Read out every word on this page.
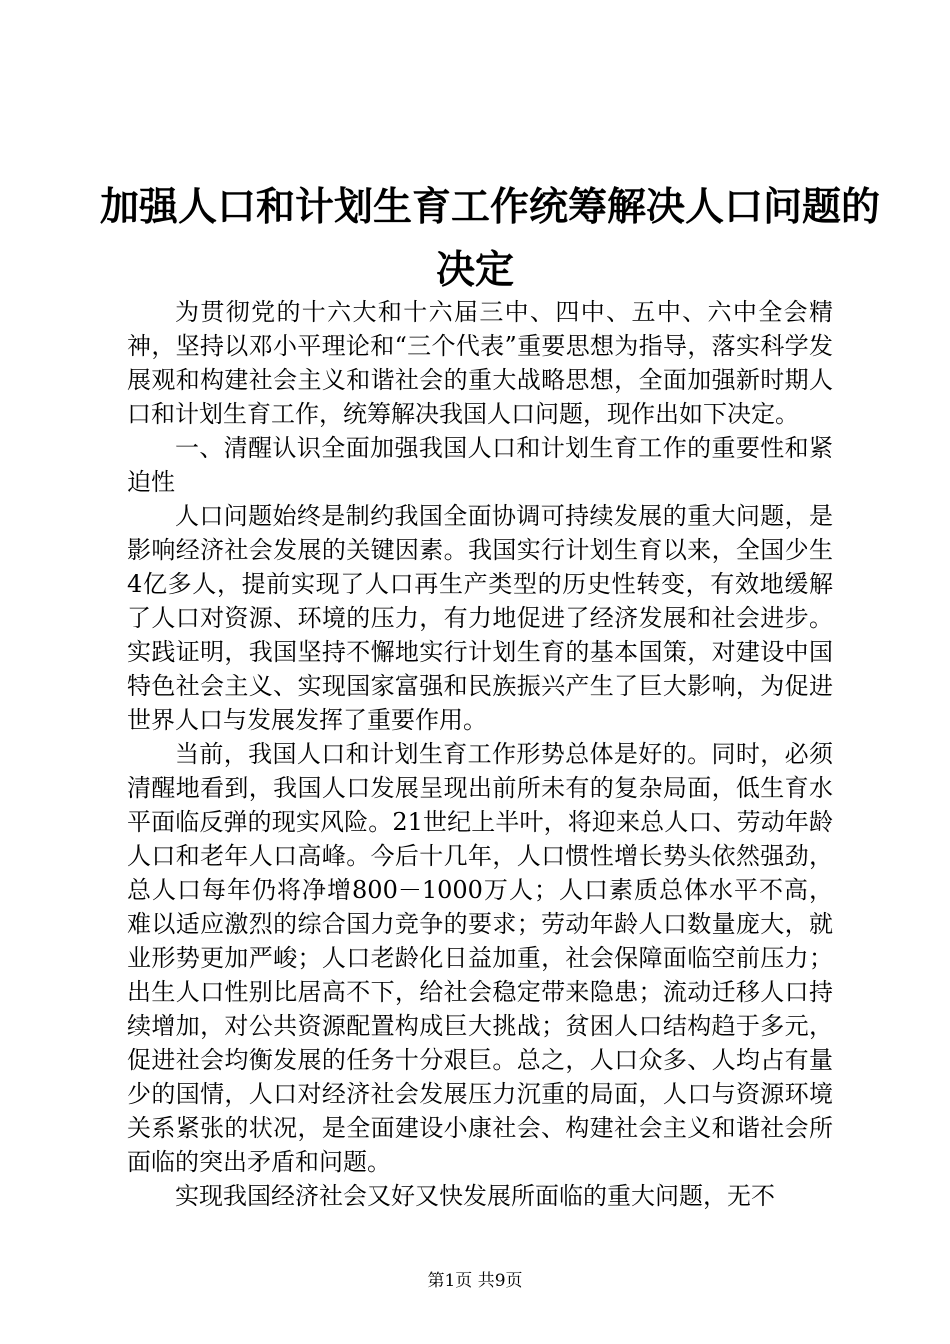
加强人口和计划生育工作统筹解决人口问题的
决定

为贯彻党的十六大和十六届三中、四中、五中、六中全会精神，坚持以邓小平理论和“三个代表”重要思想为指导，落实科学发展观和构建社会主义和谐社会的重大战略思想，全面加强新时期人口和计划生育工作，统筹解决我国人口问题，现作出如下决定。

一、清醒认识全面加强我国人口和计划生育工作的重要性和紧迫性

人口问题始终是制约我国全面协调可持续发展的重大问题，是影响经济社会发展的关键因素。我国实行计划生育以来，全国少生4亿多人，提前实现了人口再生产类型的历史性转变，有效地缓解了人口对资源、环境的压力，有力地促进了经济发展和社会进步。实践证明，我国坚持不懈地实行计划生育的基本国策，对建设中国特色社会主义、实现国家富强和民族振兴产生了巨大影响，为促进世界人口与发展发挥了重要作用。

当前，我国人口和计划生育工作形势总体是好的。同时，必须清醒地看到，我国人口发展呈现出前所未有的复杂局面，低生育水平面临反弹的现实风险。21世纪上半叶，将迎来总人口、劳动年龄人口和老年人口高峰。今后十几年，人口惯性增长势头依然强劲，总人口每年仍将净增800－1000万人；人口素质总体水平不高，难以适应激烈的综合国力竞争的要求；劳动年龄人口数量庞大，就业形势更加严峻；人口老龄化日益加重，社会保障面临空前压力；出生人口性别比居高不下，给社会稳定带来隐患；流动迁移人口持续增加，对公共资源配置构成巨大挑战；贫困人口结构趋于多元，促进社会均衡发展的任务十分艰巨。总之，人口众多、人均占有量少的国情，人口对经济社会发展压力沉重的局面，人口与资源环境关系紧张的状况，是全面建设小康社会、构建社会主义和谐社会所面临的突出矛盾和问题。

实现我国经济社会又好又快发展所面临的重大问题，无不

第1页 共9页
